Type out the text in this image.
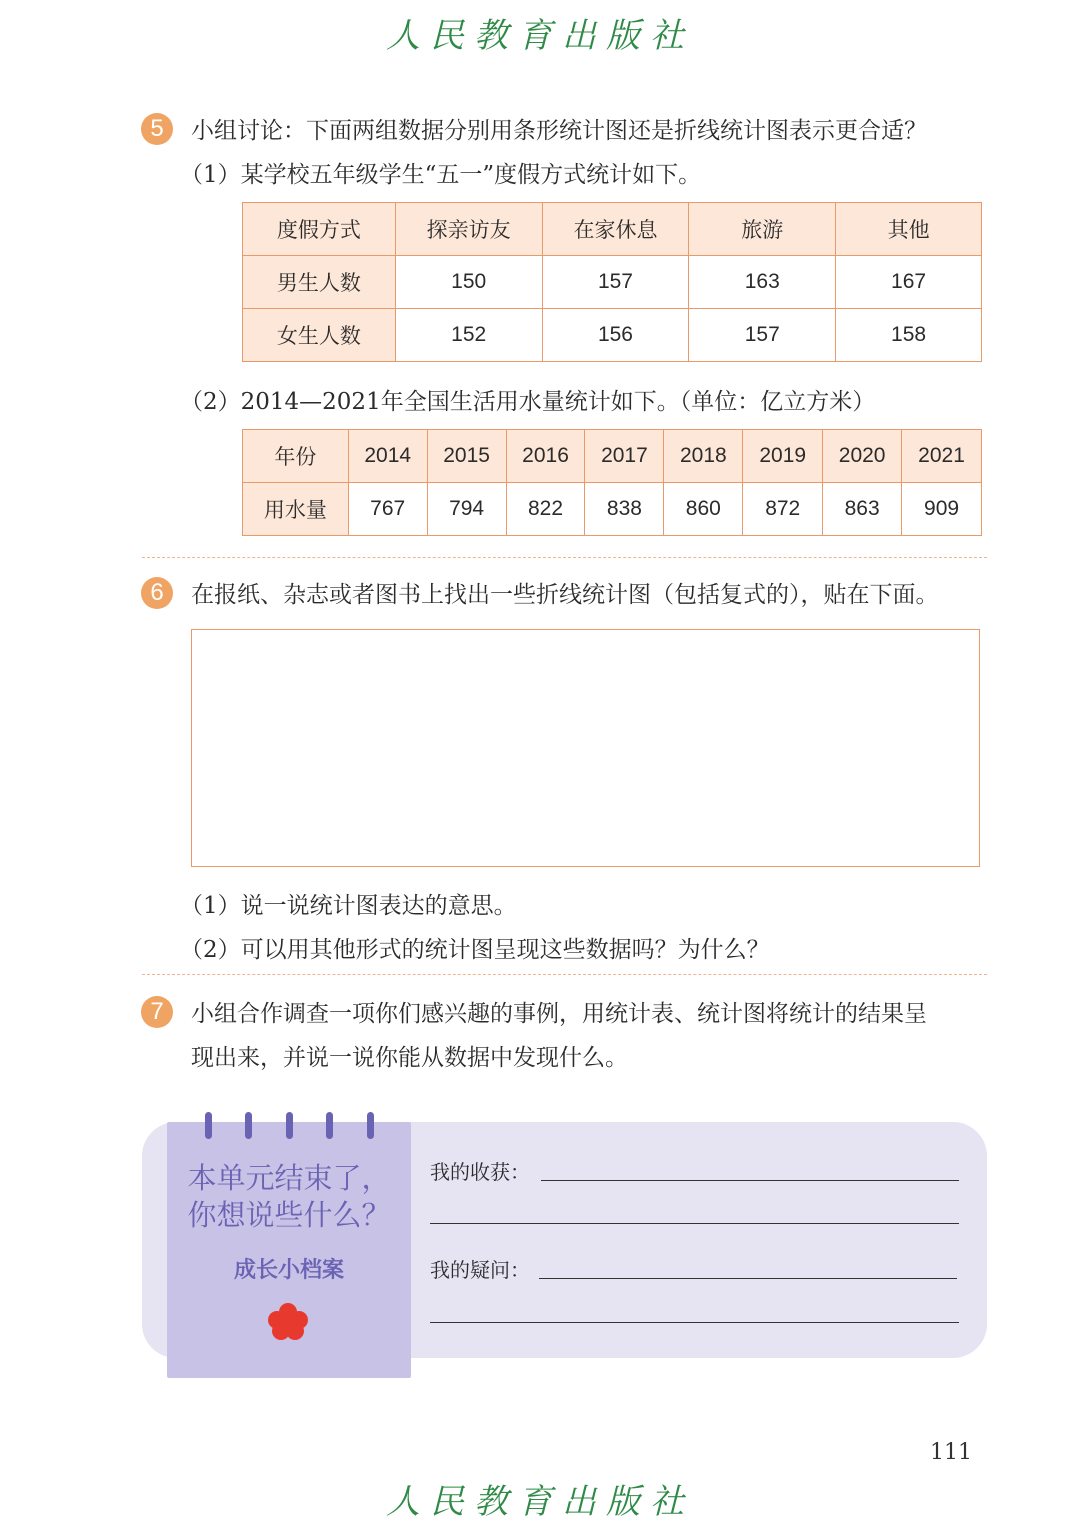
人民教育出版社
5	小组讨论：下面两组数据分别用条形统计图还是折线统计图表示更合适？
（1）某学校五年级学生“五一”度假方式统计如下。
度假方式	探亲访友	在家休息	旅游	其他
男生人数	150	157	163	167
女生人数	152	156	157	158
（2）2014—2021年全国生活用水量统计如下。（单位：亿立方米）
年份	2014	2015	2016	2017	2018	2019	2020	2021
用水量	767	794	822	838	860	872	863	909
6	在报纸、杂志或者图书上找出一些折线统计图（包括复式的），贴在下面。
（1）说一说统计图表达的意思。
（2）可以用其他形式的统计图呈现这些数据吗？为什么？
7	小组合作调查一项你们感兴趣的事例，用统计表、统计图将统计的结果呈
现出来，并说一说你能从数据中发现什么。
本单元结束了，
你想说些什么？
成长小档案
我的收获：
我的疑问：
111
人民教育出版社
